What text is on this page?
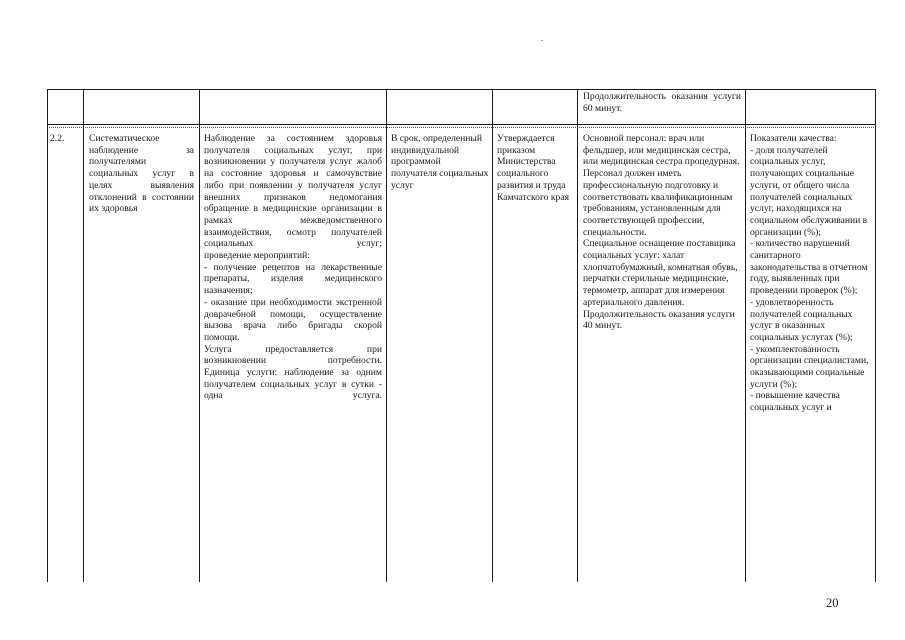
Продолжительность оказания услуги 60 минут.

2.2.	Систематическое наблюдение за получателями социальных услуг в целях выявления отклонений в состоянии их здоровья

Наблюдение за состоянием здоровья получателя социальных услуг, при возникновении у получателя услуг жалоб на состояние здоровья и самочувствие либо при появлении у получателя услуг внешних признаков недомогания обращение в медицинские организации в рамках межведомственного взаимодействия, осмотр получателей социальных услуг;

проведение мероприятий:

- получение рецептов на лекарственные препараты, изделия медицинского назначения;

- оказание при необходимости экстренной доврачебной помощи, осуществление вызова врача либо бригады скорой помощи.

Услуга предоставляется при возникновении потребности.

Единица услуги: наблюдение за одним получателем социальных услуг в сутки - одна услуга.

В срок, определенный индивидуальной программой получателя социальных услуг

Утверждается приказом Министерства социального развития и труда Камчатского края

Основной персонал: врач или фельдшер, или медицинская сестра, или медицинская сестра процедурная.

Персонал должен иметь профессиональную подготовку и соответствовать квалификационным требованиям, установленным для соответствующей профессии, специальности.

Специальное оснащение поставщика социальных услуг: халат хлопчатобумажный, комнатная обувь, перчатки стерильные медицинские, термометр, аппарат для измерения артериального давления.

Продолжительность оказания услуги 40 минут.

Показатели качества:

- доля получателей социальных услуг, получающих социальные услуги, от общего числа получателей социальных услуг, находящихся на социальном обслуживании в организации (%);

- количество нарушений санитарного законодательства в отчетном году, выявленных при проведении проверок (%);

- удовлетворенность получателей социальных услуг в оказанных социальных услугах (%);

- укомплектованность организации специалистами, оказывающими социальные услуги (%);

- повышение качества социальных услуг и

20
